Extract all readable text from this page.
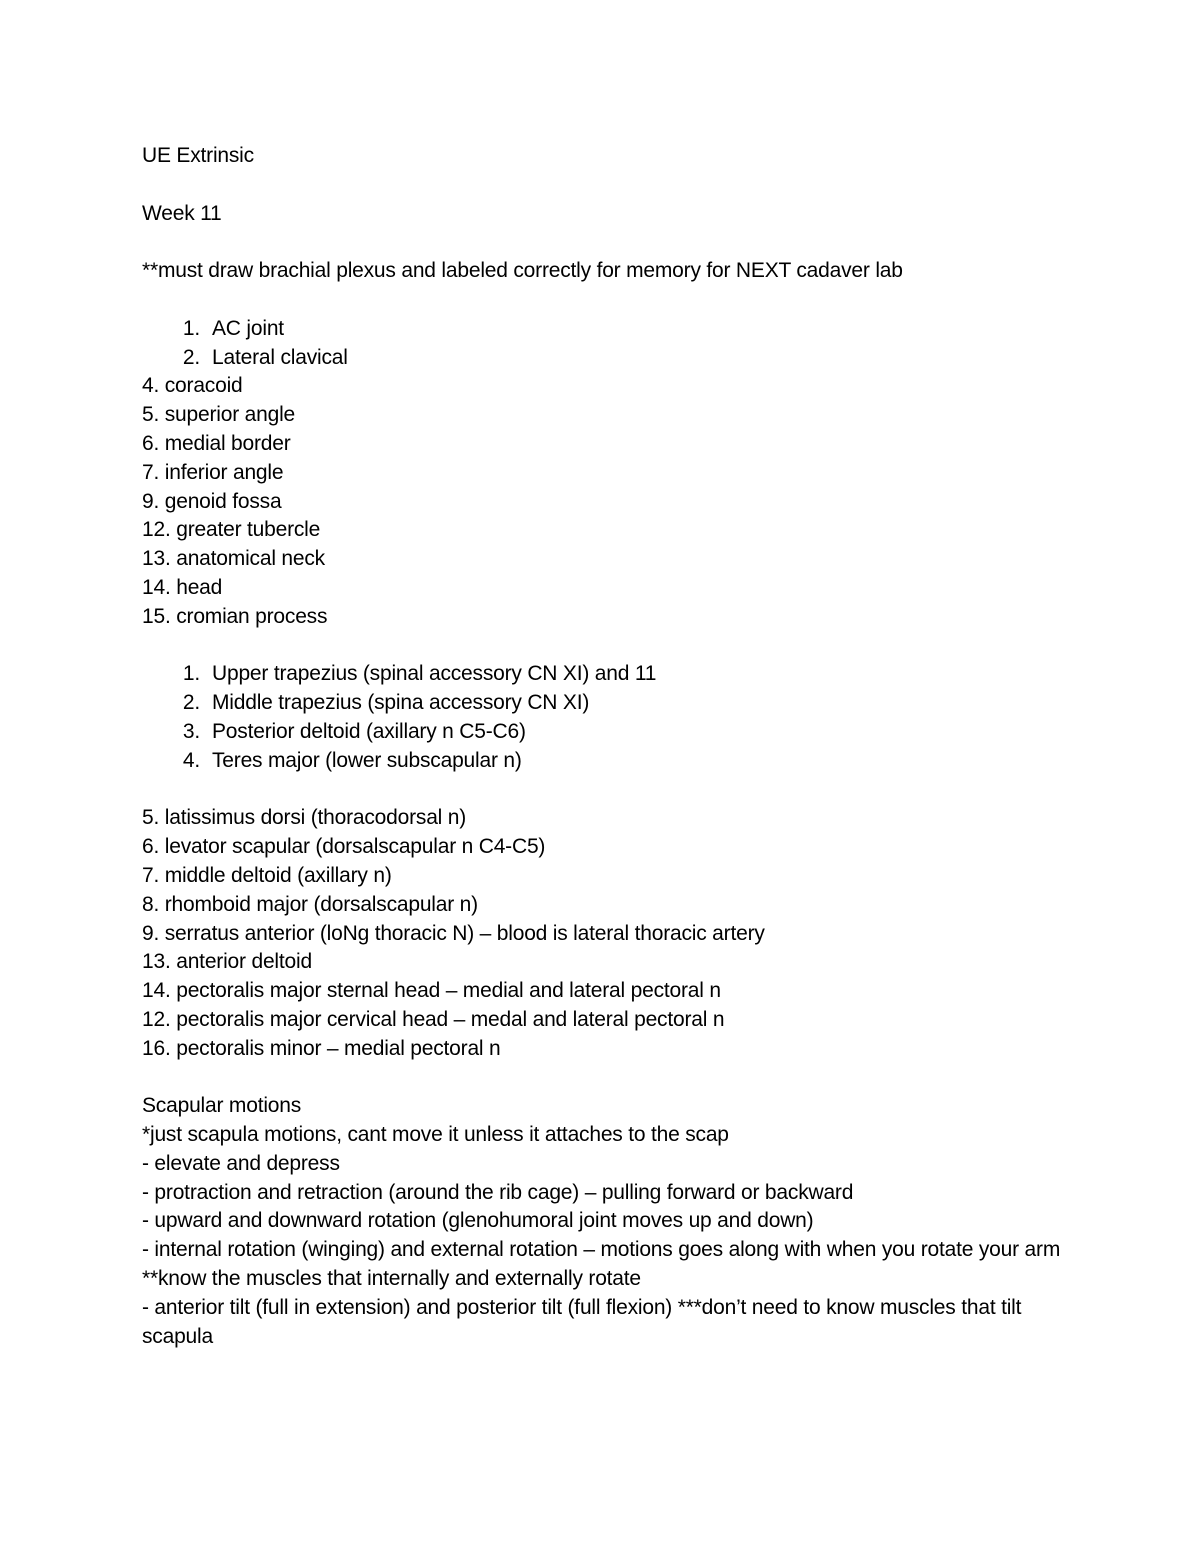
UE Extrinsic
Week 11
**must draw brachial plexus and labeled correctly for memory for NEXT cadaver lab
1. AC joint
2. Lateral clavical
4. coracoid
5. superior angle
6. medial border
7. inferior angle
9. genoid fossa
12. greater tubercle
13. anatomical neck
14. head
15. cromian process
1. Upper trapezius (spinal accessory CN XI) and 11
2. Middle trapezius (spina accessory CN XI)
3. Posterior deltoid (axillary n C5-C6)
4. Teres major (lower subscapular n)
5. latissimus dorsi (thoracodorsal n)
6. levator scapular (dorsalscapular n C4-C5)
7. middle deltoid (axillary n)
8. rhomboid major (dorsalscapular n)
9. serratus anterior (loNg thoracic N) – blood is lateral thoracic artery
13. anterior deltoid
14. pectoralis major sternal head – medial and lateral pectoral n
12. pectoralis major cervical head – medal and lateral pectoral n
16. pectoralis minor – medial pectoral n
Scapular motions
*just scapula motions, cant move it unless it attaches to the scap
- elevate and depress
- protraction and retraction (around the rib cage) – pulling forward or backward
- upward and downward rotation (glenohumoral joint moves up and down)
- internal rotation (winging) and external rotation – motions goes along with when you rotate your arm **know the muscles that internally and externally rotate
- anterior tilt (full in extension) and posterior tilt (full flexion) ***don’t need to know muscles that tilt scapula
